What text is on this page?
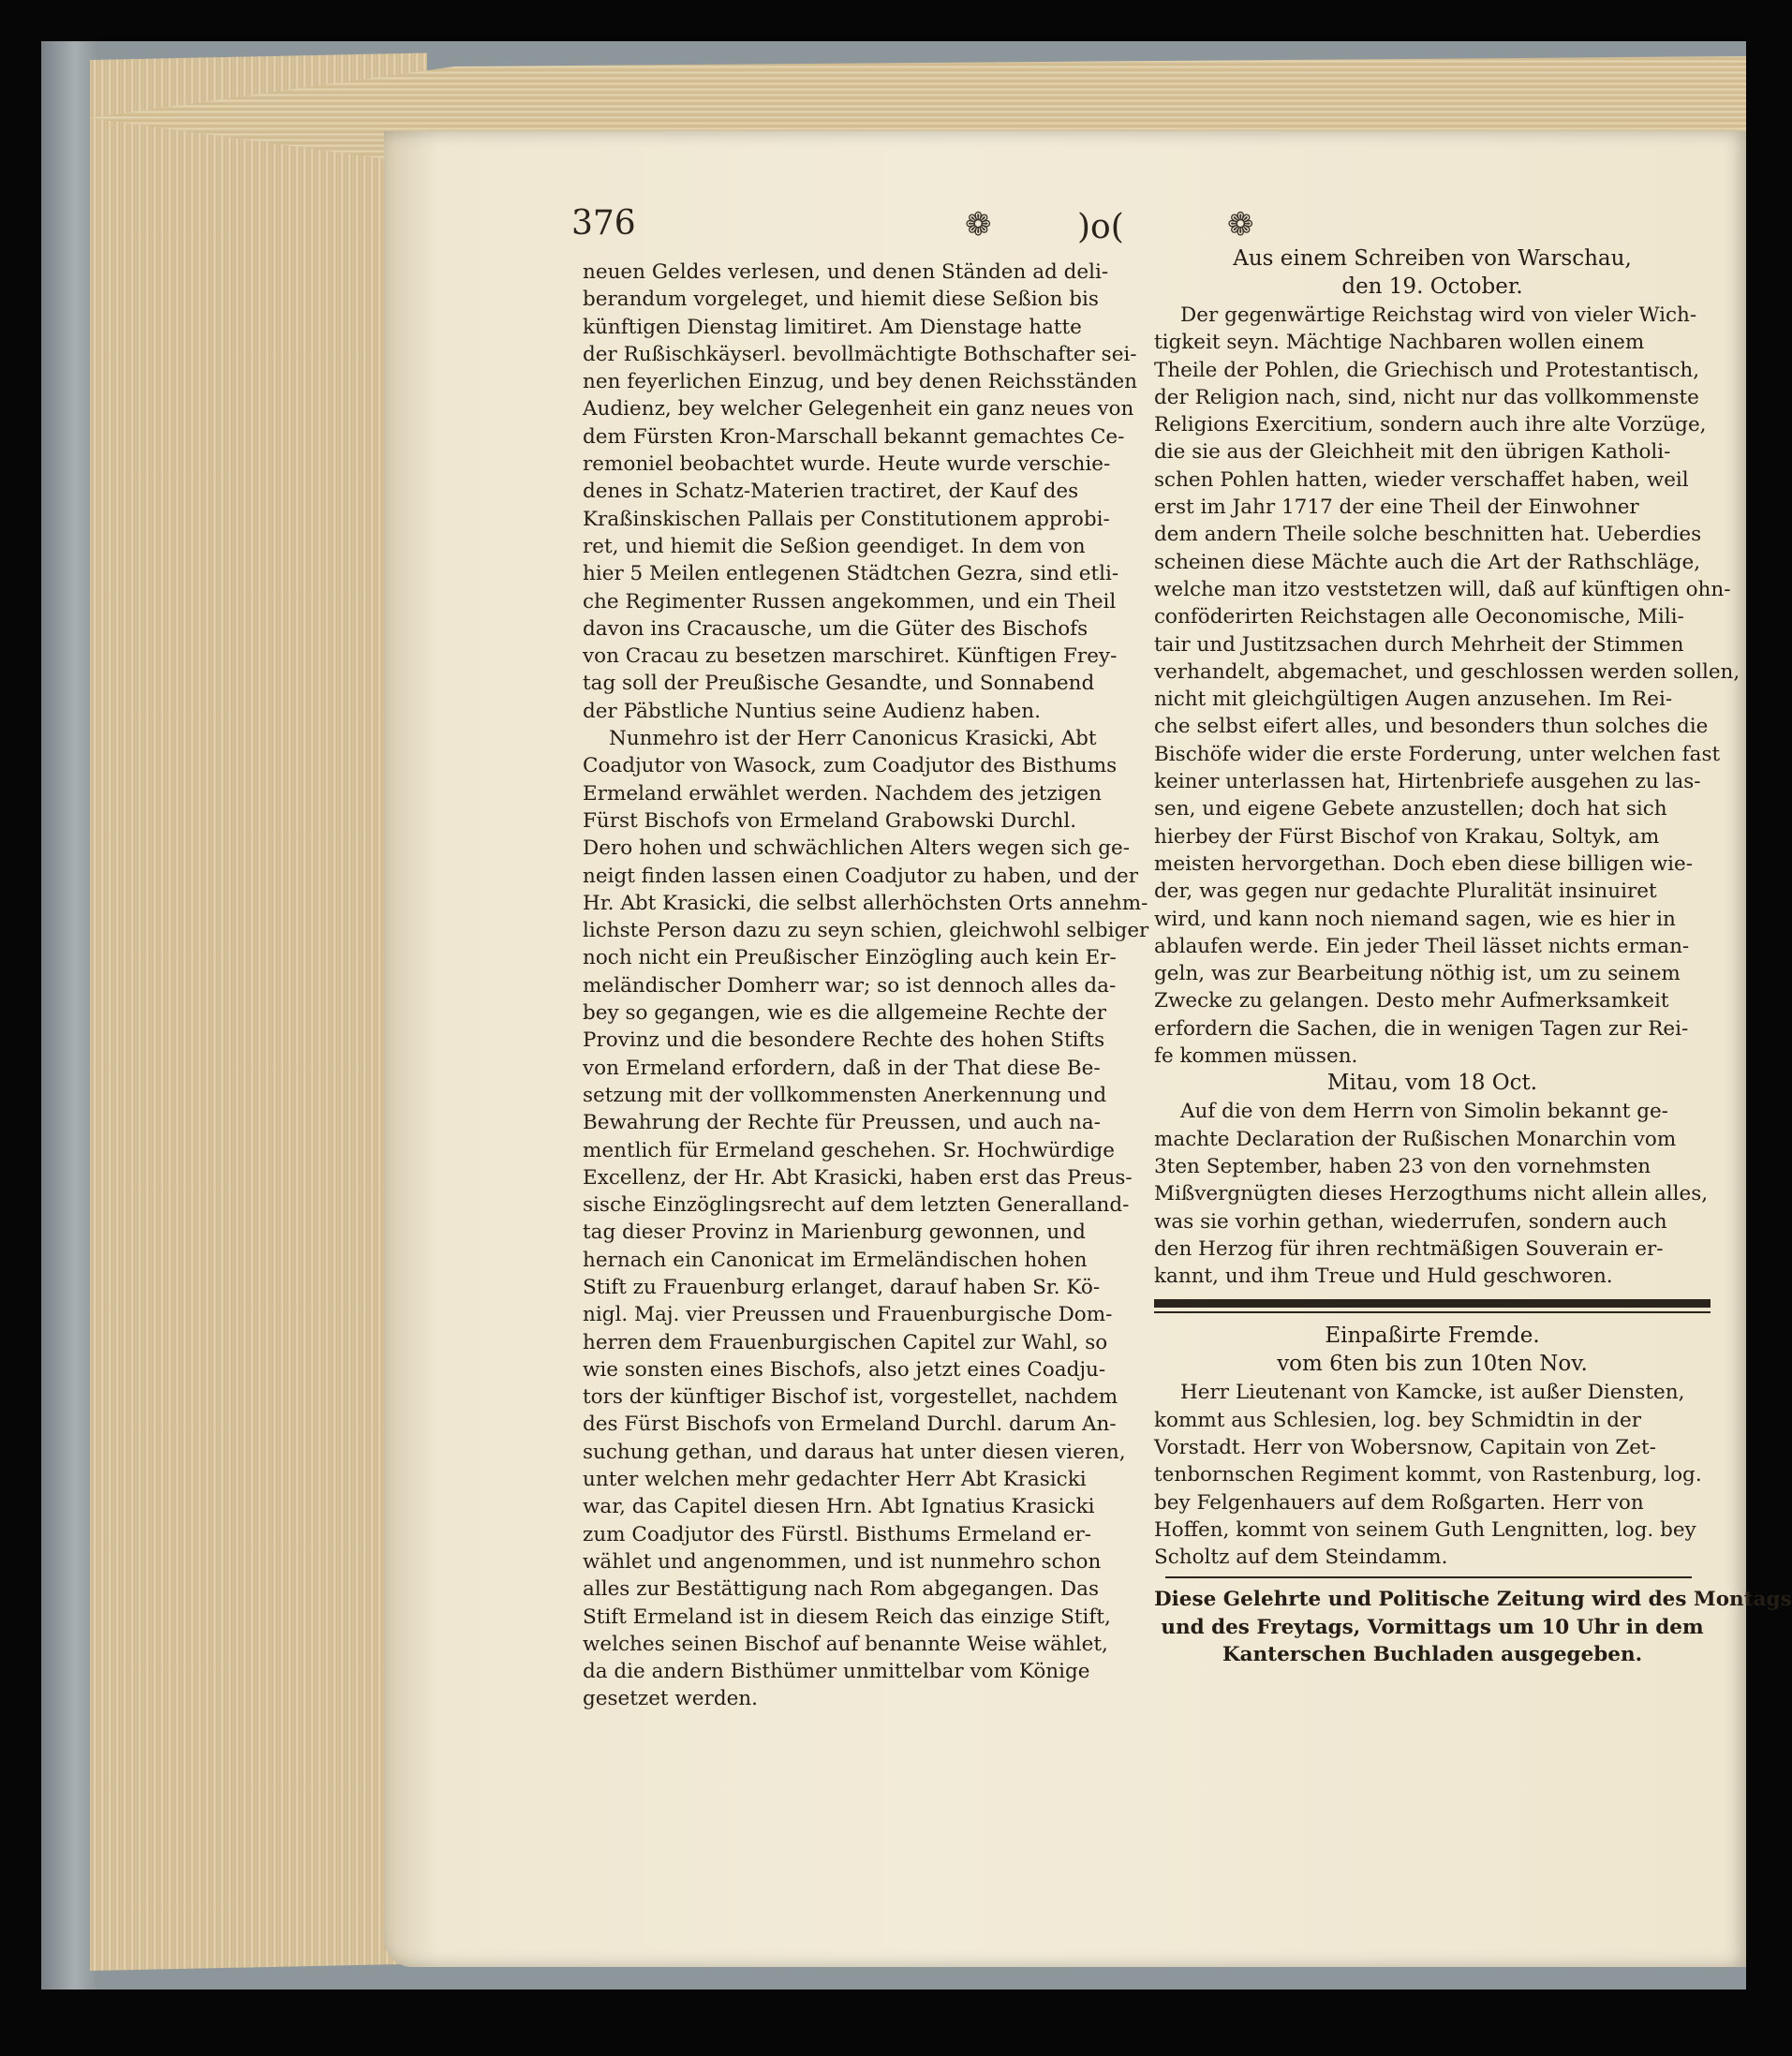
376	❁	)o(	❁
neuen Geldes verlesen, und denen Ständen ad deli-
berandum vorgeleget, und hiemit diese Seßion bis
künftigen Dienstag limitiret. Am Dienstage hatte
der Rußischkäyserl. bevollmächtigte Bothschafter sei-
nen feyerlichen Einzug, und bey denen Reichsständen
Audienz, bey welcher Gelegenheit ein ganz neues von
dem Fürsten Kron-Marschall bekannt gemachtes Ce-
remoniel beobachtet wurde. Heute wurde verschie-
denes in Schatz-Materien tractiret, der Kauf des
Kraßinskischen Pallais per Constitutionem approbi-
ret, und hiemit die Seßion geendiget. In dem von
hier 5 Meilen entlegenen Städtchen Gezra, sind etli-
che Regimenter Russen angekommen, und ein Theil
davon ins Cracausche, um die Güter des Bischofs
von Cracau zu besetzen marschiret. Künftigen Frey-
tag soll der Preußische Gesandte, und Sonnabend
der Päbstliche Nuntius seine Audienz haben.
Nunmehro ist der Herr Canonicus Krasicki, Abt
Coadjutor von Wasock, zum Coadjutor des Bisthums
Ermeland erwählet werden. Nachdem des jetzigen
Fürst Bischofs von Ermeland Grabowski Durchl.
Dero hohen und schwächlichen Alters wegen sich ge-
neigt finden lassen einen Coadjutor zu haben, und der
Hr. Abt Krasicki, die selbst allerhöchsten Orts annehm-
lichste Person dazu zu seyn schien, gleichwohl selbiger
noch nicht ein Preußischer Einzögling auch kein Er-
meländischer Domherr war; so ist dennoch alles da-
bey so gegangen, wie es die allgemeine Rechte der
Provinz und die besondere Rechte des hohen Stifts
von Ermeland erfordern, daß in der That diese Be-
setzung mit der vollkommensten Anerkennung und
Bewahrung der Rechte für Preussen, und auch na-
mentlich für Ermeland geschehen. Sr. Hochwürdige
Excellenz, der Hr. Abt Krasicki, haben erst das Preus-
sische Einzöglingsrecht auf dem letzten Generalland-
tag dieser Provinz in Marienburg gewonnen, und
hernach ein Canonicat im Ermeländischen hohen
Stift zu Frauenburg erlanget, darauf haben Sr. Kö-
nigl. Maj. vier Preussen und Frauenburgische Dom-
herren dem Frauenburgischen Capitel zur Wahl, so
wie sonsten eines Bischofs, also jetzt eines Coadju-
tors der künftiger Bischof ist, vorgestellet, nachdem
des Fürst Bischofs von Ermeland Durchl. darum An-
suchung gethan, und daraus hat unter diesen vieren,
unter welchen mehr gedachter Herr Abt Krasicki
war, das Capitel diesen Hrn. Abt Ignatius Krasicki
zum Coadjutor des Fürstl. Bisthums Ermeland er-
wählet und angenommen, und ist nunmehro schon
alles zur Bestättigung nach Rom abgegangen. Das
Stift Ermeland ist in diesem Reich das einzige Stift,
welches seinen Bischof auf benannte Weise wählet,
da die andern Bisthümer unmittelbar vom Könige
gesetzet werden.
Aus einem Schreiben von Warschau,
den 19. October.
Der gegenwärtige Reichstag wird von vieler Wich-
tigkeit seyn. Mächtige Nachbaren wollen einem
Theile der Pohlen, die Griechisch und Protestantisch,
der Religion nach, sind, nicht nur das vollkommenste
Religions Exercitium, sondern auch ihre alte Vorzüge,
die sie aus der Gleichheit mit den übrigen Katholi-
schen Pohlen hatten, wieder verschaffet haben, weil
erst im Jahr 1717 der eine Theil der Einwohner
dem andern Theile solche beschnitten hat. Ueberdies
scheinen diese Mächte auch die Art der Rathschläge,
welche man itzo veststetzen will, daß auf künftigen ohn-
conföderirten Reichstagen alle Oeconomische, Mili-
tair und Justitzsachen durch Mehrheit der Stimmen
verhandelt, abgemachet, und geschlossen werden sollen,
nicht mit gleichgültigen Augen anzusehen. Im Rei-
che selbst eifert alles, und besonders thun solches die
Bischöfe wider die erste Forderung, unter welchen fast
keiner unterlassen hat, Hirtenbriefe ausgehen zu las-
sen, und eigene Gebete anzustellen; doch hat sich
hierbey der Fürst Bischof von Krakau, Soltyk, am
meisten hervorgethan. Doch eben diese billigen wie-
der, was gegen nur gedachte Pluralität insinuiret
wird, und kann noch niemand sagen, wie es hier in
ablaufen werde. Ein jeder Theil lässet nichts erman-
geln, was zur Bearbeitung nöthig ist, um zu seinem
Zwecke zu gelangen. Desto mehr Aufmerksamkeit
erfordern die Sachen, die in wenigen Tagen zur Rei-
fe kommen müssen.
Mitau, vom 18 Oct.
Auf die von dem Herrn von Simolin bekannt ge-
machte Declaration der Rußischen Monarchin vom
3ten September, haben 23 von den vornehmsten
Mißvergnügten dieses Herzogthums nicht allein alles,
was sie vorhin gethan, wiederrufen, sondern auch
den Herzog für ihren rechtmäßigen Souverain er-
kannt, und ihm Treue und Huld geschworen.
Einpaßirte Fremde.
vom 6ten bis zun 10ten Nov.
Herr Lieutenant von Kamcke, ist außer Diensten,
kommt aus Schlesien, log. bey Schmidtin in der
Vorstadt. Herr von Wobersnow, Capitain von Zet-
tenbornschen Regiment kommt, von Rastenburg, log.
bey Felgenhauers auf dem Roßgarten. Herr von
Hoffen, kommt von seinem Guth Lengnitten, log. bey
Scholtz auf dem Steindamm.
Diese Gelehrte und Politische Zeitung wird des Montags
und des Freytags, Vormittags um 10 Uhr in dem
Kanterschen Buchladen ausgegeben.
